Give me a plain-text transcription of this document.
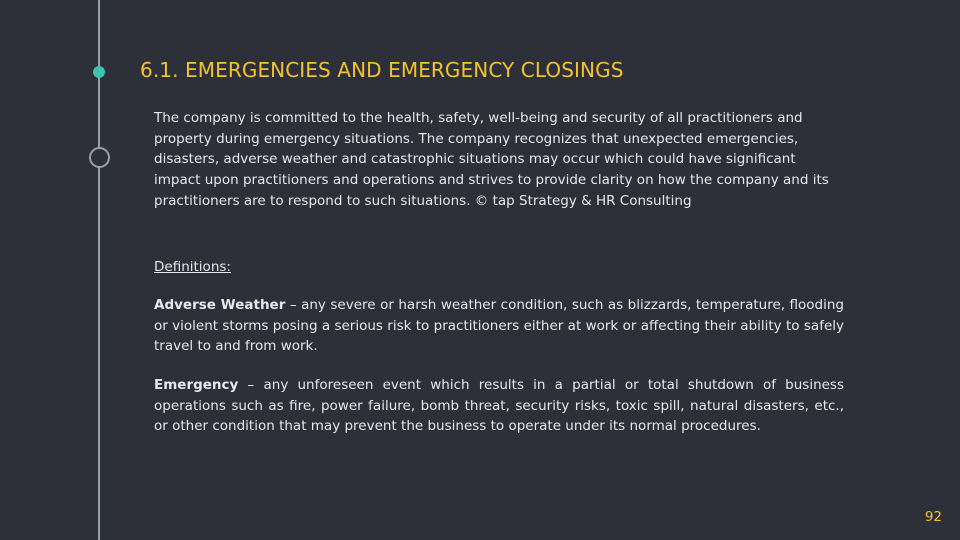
6.1. EMERGENCIES AND EMERGENCY CLOSINGS
The company is committed to the health, safety, well-being and security of all practitioners and property during emergency situations. The company recognizes that unexpected emergencies, disasters, adverse weather and catastrophic situations may occur which could have significant impact upon practitioners and operations and strives to provide clarity on how the company and its practitioners are to respond to such situations. © tap Strategy & HR Consulting
Definitions:
Adverse Weather – any severe or harsh weather condition, such as blizzards, temperature, flooding or violent storms posing a serious risk to practitioners either at work or affecting their ability to safely travel to and from work.
Emergency – any unforeseen event which results in a partial or total shutdown of business operations such as fire, power failure, bomb threat, security risks, toxic spill, natural disasters, etc., or other condition that may prevent the business to operate under its normal procedures.
92
